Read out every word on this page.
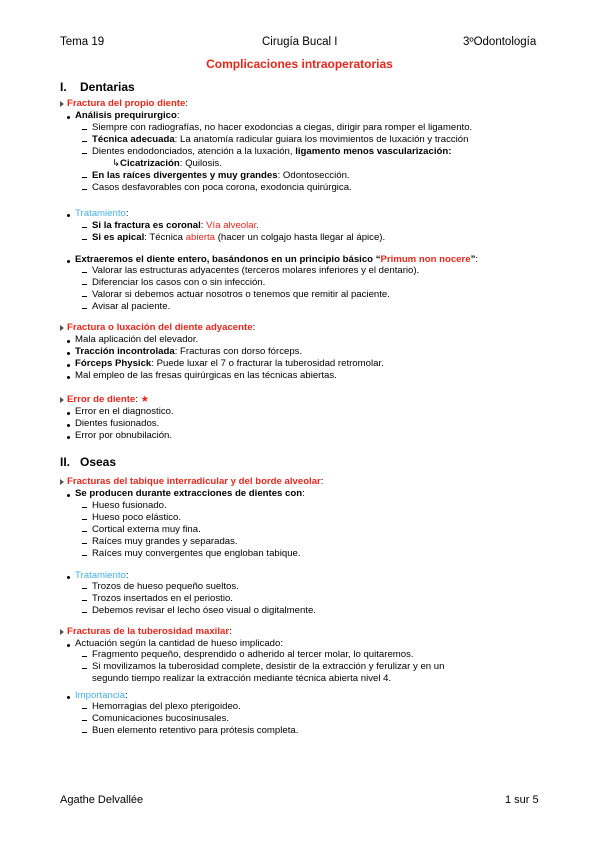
Tema 19	Cirugía Bucal I	3ºOdontología
Complicaciones intraoperatorias
I. Dentarias
Fractura del propio diente:
Análisis prequirurgico:
Siempre con radiografías, no hacer exodoncias a ciegas, dirigir para romper el ligamento.
Técnica adecuada: La anatomía radicular guiara los movimientos de luxación y tracción
Dientes endodonciados, atención a la luxación, ligamento menos vascularización:
↳Cicatrización: Quilosis.
En las raíces divergentes y muy grandes: Odontosección.
Casos desfavorables con poca corona, exodoncia quirúrgica.
Tratamiento:
Si la fractura es coronal: Vía alveolar.
Si es apical: Técnica abierta (hacer un colgajo hasta llegar al ápice).
Extraeremos el diente entero, basándonos en un principio básico “Primum non nocere”:
Valorar las estructuras adyacentes (terceros molares inferiores y el dentario).
Diferenciar los casos con o sin infección.
Valorar si debemos actuar nosotros o tenemos que remitir al paciente.
Avisar al paciente.
Fractura o luxación del diente adyacente:
Mala aplicación del elevador.
Tracción incontrolada: Fracturas con dorso fórceps.
Fórceps Physick: Puede luxar el 7 o fracturar la tuberosidad retromolar.
Mal empleo de las fresas quirúrgicas en las técnicas abiertas.
Error de diente: ★
Error en el diagnostico.
Dientes fusionados.
Error por obnubilación.
II. Oseas
Fracturas del tabique interradicular y del borde alveolar:
Se producen durante extracciones de dientes con:
Hueso fusionado.
Hueso poco elástico.
Cortical externa muy fina.
Raíces muy grandes y separadas.
Raíces muy convergentes que engloban tabique.
Tratamiento:
Trozos de hueso pequeño sueltos.
Trozos insertados en el periostio.
Debemos revisar el lecho óseo visual o digitalmente.
Fracturas de la tuberosidad maxilar:
Actuación según la cantidad de hueso implicado:
Fragmento pequeño, desprendido o adherido al tercer molar, lo quitaremos.
Si movilizamos la tuberosidad complete, desistir de la extracción y ferulizar y en un
segundo tiempo realizar la extracción mediante técnica abierta nivel 4.
Importancia:
Hemorragias del plexo pterigoideo.
Comunicaciones bucosinusales.
Buen elemento retentivo para prótesis completa.
Agathe Delvallée	1 sur 5
